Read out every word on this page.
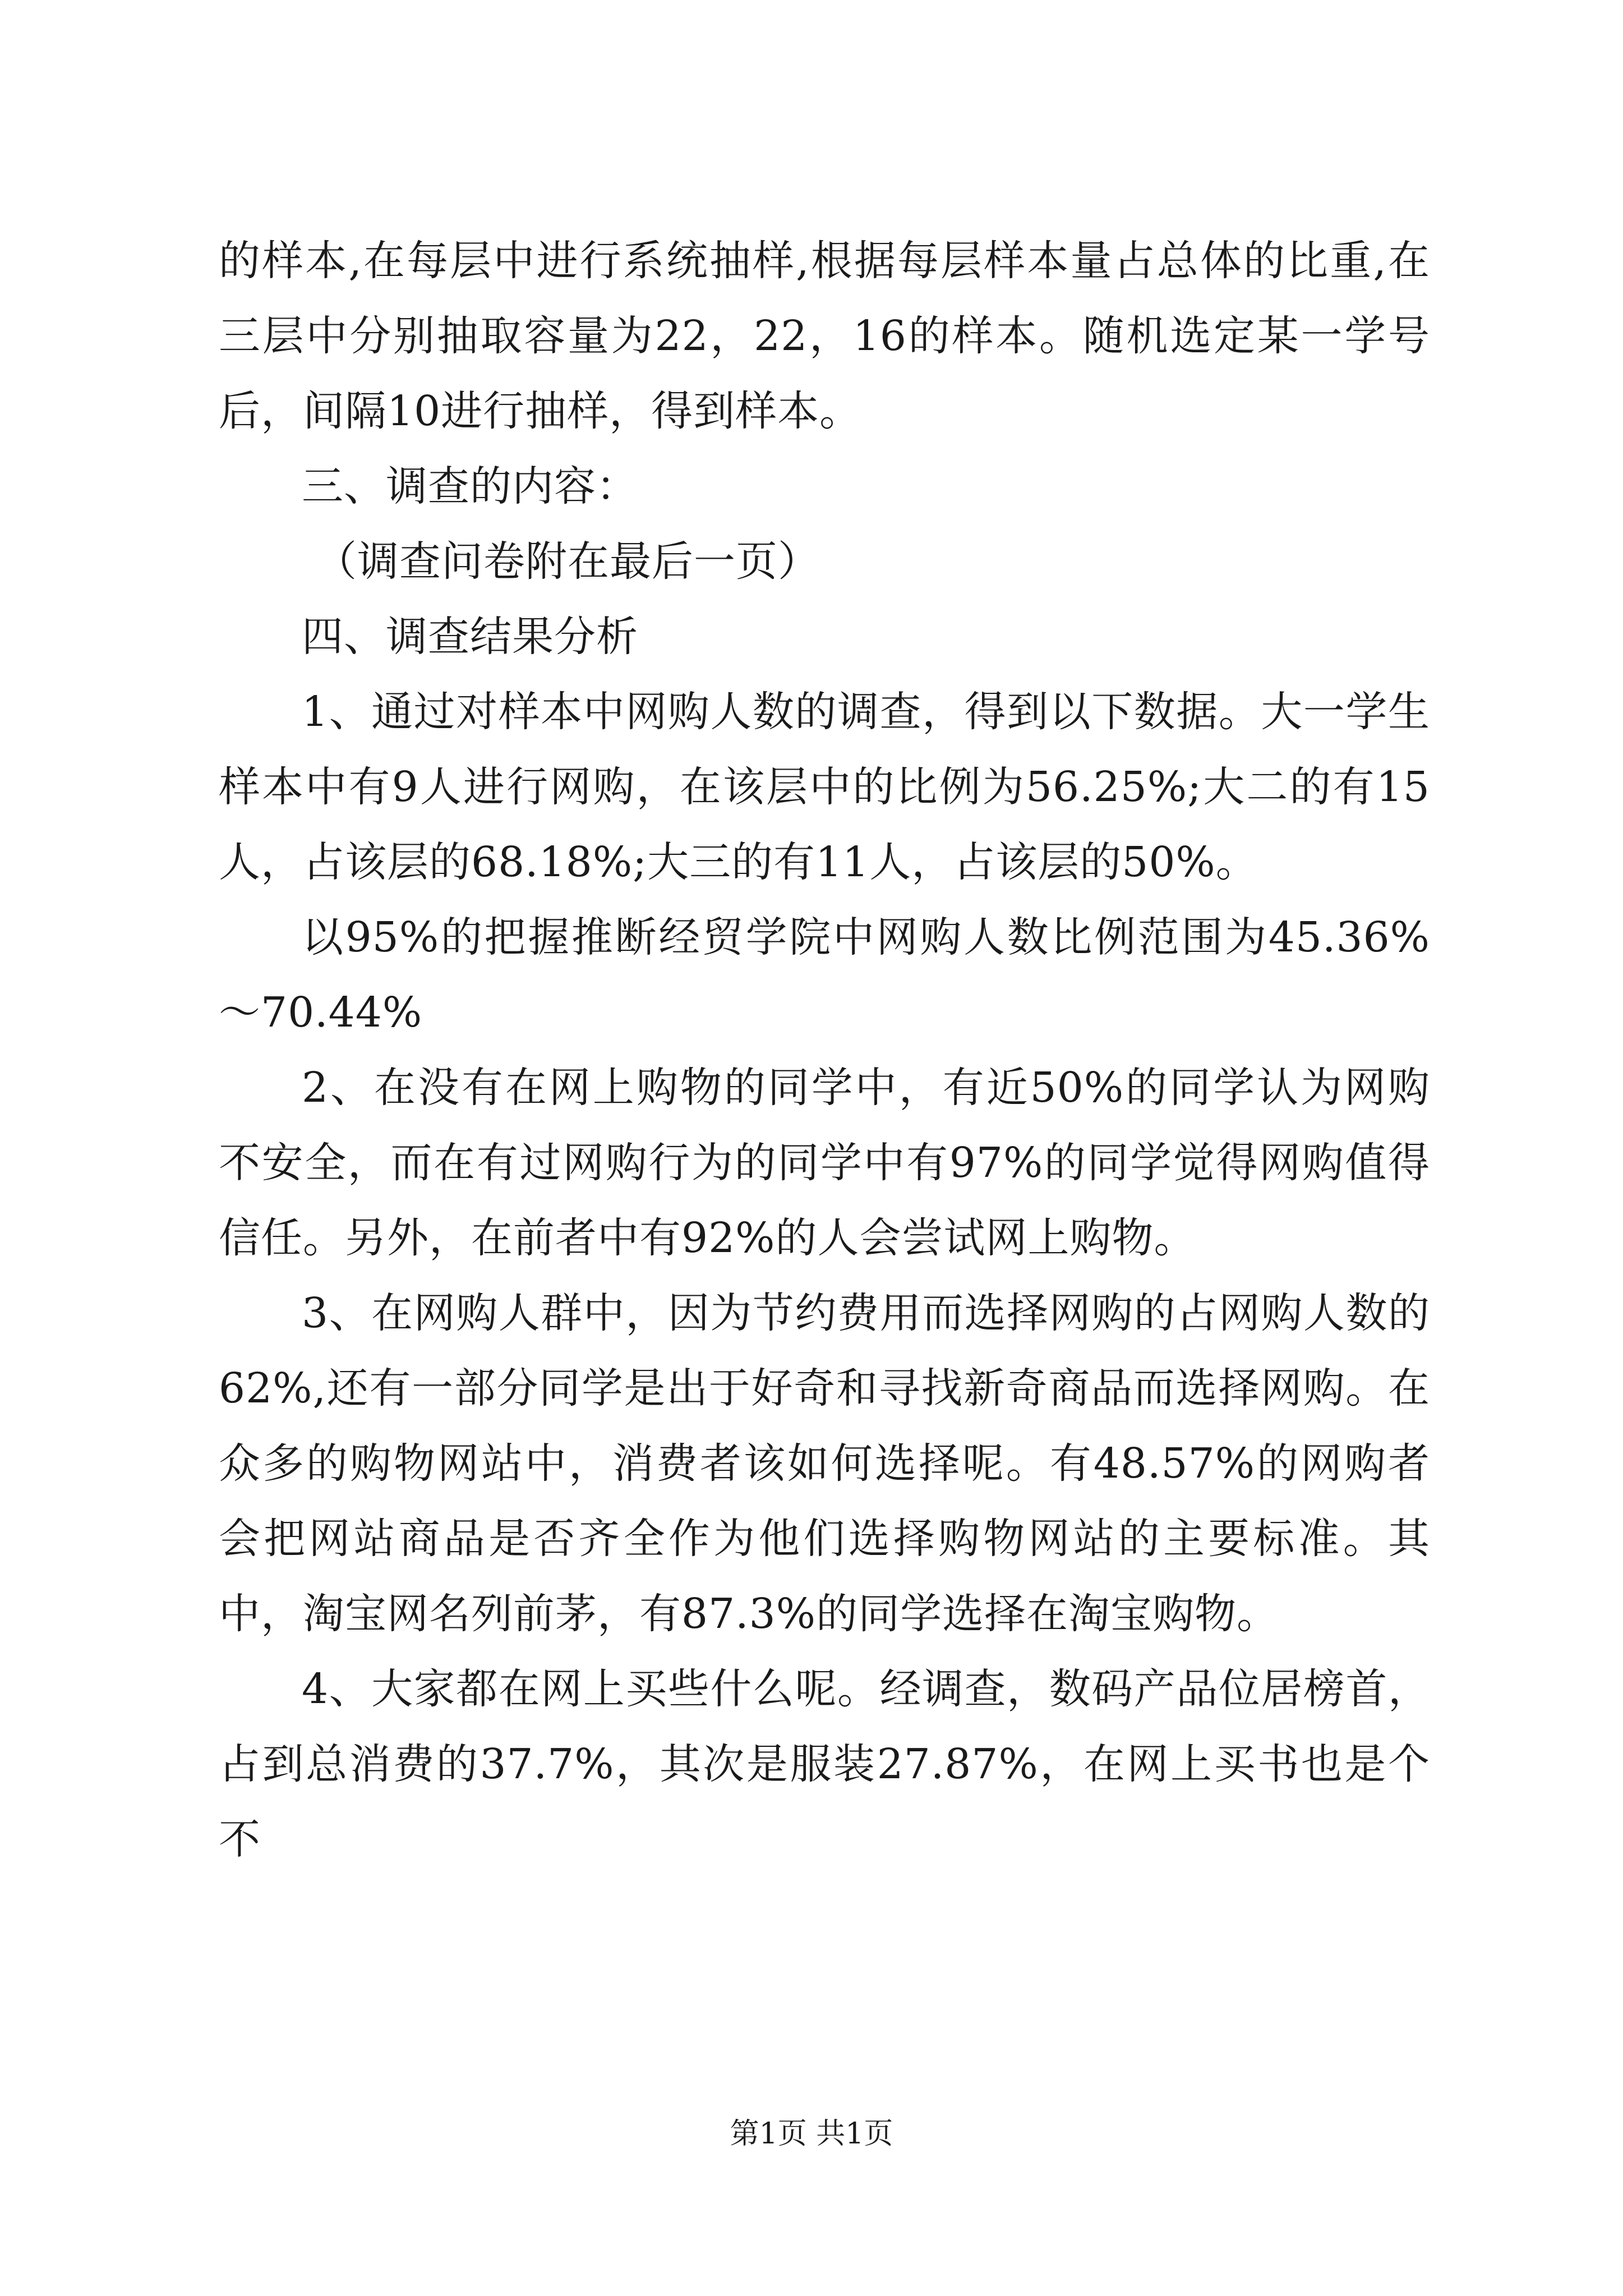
的样本,在每层中进行系统抽样,根据每层样本量占总体的比重,在三层中分别抽取容量为22，22，16的样本。随机选定某一学号后，间隔10进行抽样，得到样本。

三、调查的内容：

（调查问卷附在最后一页）

四、调查结果分析

1、通过对样本中网购人数的调查，得到以下数据。大一学生样本中有9人进行网购，在该层中的比例为56.25%;大二的有15人，占该层的68.18%;大三的有11人，占该层的50%。

以95%的把握推断经贸学院中网购人数比例范围为45.36%～70.44%

2、在没有在网上购物的同学中，有近50%的同学认为网购不安全，而在有过网购行为的同学中有97%的同学觉得网购值得信任。另外，在前者中有92%的人会尝试网上购物。

3、在网购人群中，因为节约费用而选择网购的占网购人数的62%,还有一部分同学是出于好奇和寻找新奇商品而选择网购。在众多的购物网站中，消费者该如何选择呢。有48.57%的网购者会把网站商品是否齐全作为他们选择购物网站的主要标准。其中，淘宝网名列前茅，有87.3%的同学选择在淘宝购物。

4、大家都在网上买些什么呢。经调查，数码产品位居榜首，占到总消费的37.7%，其次是服装27.87%，在网上买书也是个不

第1页 共1页
